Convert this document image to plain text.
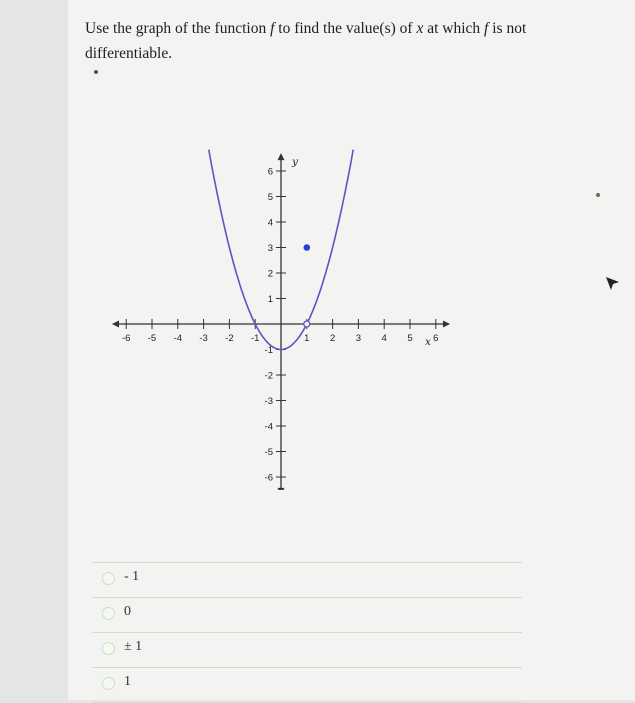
Use the graph of the function f to find the value(s) of x at which f is not differentiable.
-6 -5 -4 -3 -2 -1	1 2 3 4 5 6
1
2
3
4
5
6
-1
-2
-3
-4
-5
-6
x
y
- 1
0
± 1
1
